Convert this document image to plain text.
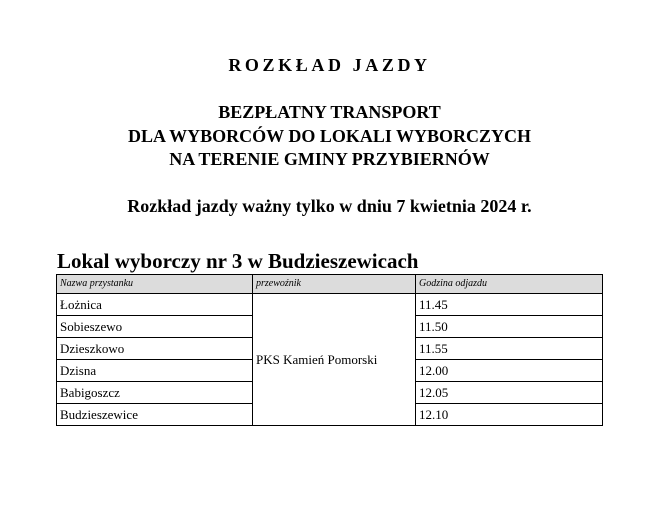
ROZKŁAD JAZDY
BEZPŁATNY TRANSPORT
DLA WYBORCÓW DO LOKALI WYBORCZYCH
NA TERENIE GMINY PRZYBIERNÓW
Rozkład jazdy ważny tylko w dniu 7 kwietnia 2024 r.
Lokal wyborczy nr 3 w Budzieszewicach
Nazwa przystanku	przewoźnik	Godzina odjazdu
Łożnica	PKS Kamień Pomorski	11.45
Sobieszewo		11.50
Dzieszkowo		11.55
Dzisna		12.00
Babigoszcz		12.05
Budzieszewice		12.10
